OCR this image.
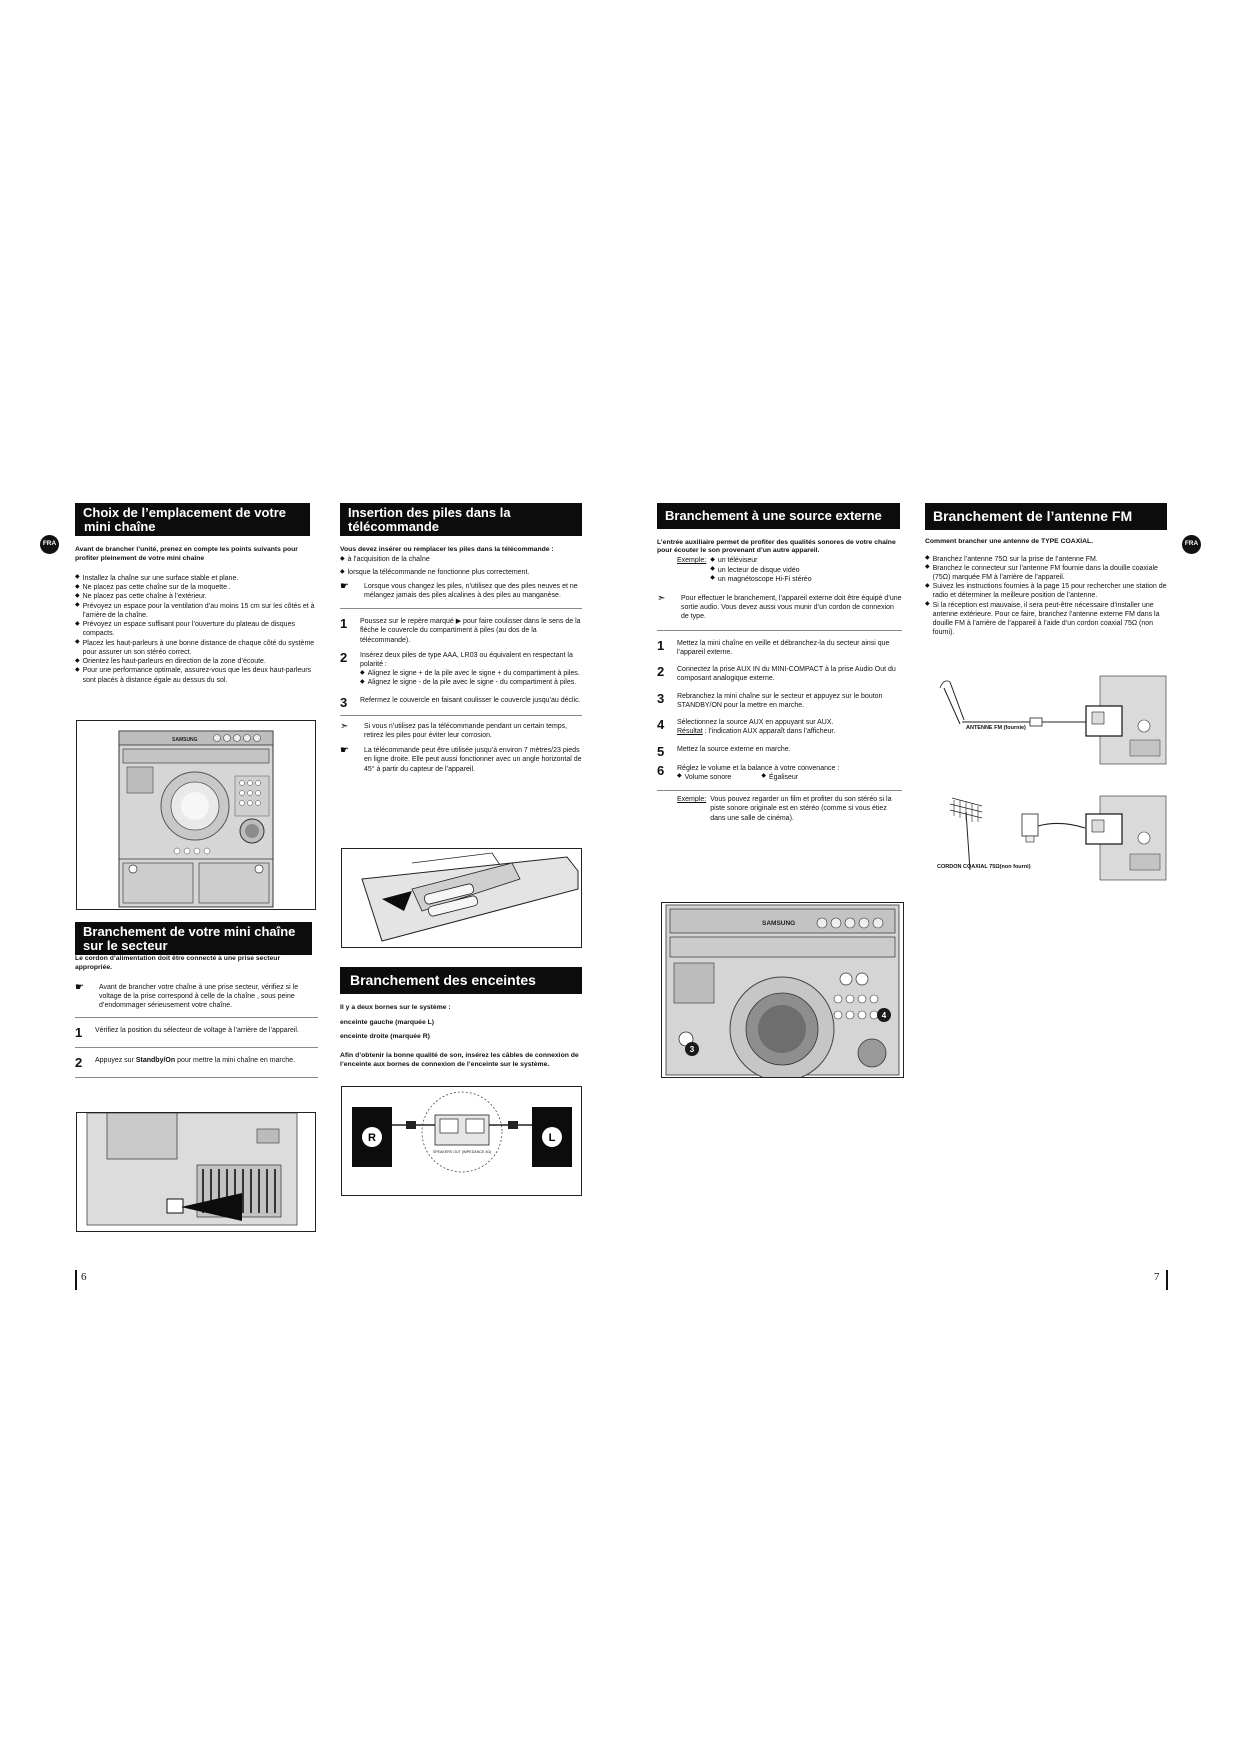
FRA	FRA
Choix de l’emplacement de votre
mini chaîne
Avant de brancher l’unité, prenez en compte les points suivants pour profiter pleinement de votre mini chaîne
◆ Installez la chaîne sur une surface stable et plane.
◆ Ne placez pas cette chaîne sur de la moquette .
◆ Ne placez pas cette chaîne à l’extérieur.
◆ Prévoyez un espace pour la ventilation d’au moins 15 cm sur les côtés et à l’arrière de la chaîne.
◆ Prévoyez un espace suffisant pour l’ouverture du plateau de disques compacts.
◆ Placez les haut-parleurs à une bonne distance de chaque côté du système pour assurer un son stéréo correct.
◆ Orientez les haut-parleurs en direction de la zone d’écoute.
◆ Pour une performance optimale, assurez-vous que les deux haut-parleurs sont placés à distance égale au dessus du sol.
SAMSUNG
Branchement de votre mini chaîne
sur le secteur
Le cordon d’alimentation doit être connecté à une prise secteur appropriée.
☛	Avant de brancher votre chaîne à une prise secteur, vérifiez si le voltage de la prise correspond à celle de la chaîne , sous peine d’endommager sérieusement votre chaîne.
1	Vérifiez la position du sélecteur de voltage à l’arrière de l’appareil.
2	Appuyez sur Standby/On pour mettre la mini chaîne en marche.
Insertion des piles dans la
télécommande
Vous devez insérer ou remplacer les piles dans la télécommande :
◆ à l’acquisition de la chaîne
◆ lorsque la télécommande ne fonctionne plus correctement.
☛	Lorsque vous changez les piles, n’utilisez que des piles neuves et ne mélangez jamais des piles alcalines à des piles au manganèse.
1	Poussez sur le repère marqué ▶ pour faire coulisser dans le sens de la flèche le couvercle du compartiment à piles (au dos de la télécommande).
2	Insérez deux piles de type AAA, LR03 ou équivalent en respectant la polarité :
◆ Alignez le signe + de la pile avec le signe + du compartiment à piles.
◆ Alignez le signe - de la pile avec le signe - du compartiment à piles.
3	Refermez le couvercle en faisant coulisser le couvercle jusqu’au déclic.
➣	Si vous n’utilisez pas la télécommande pendant un certain temps, retirez les piles pour éviter leur corrosion.
☛	La télécommande peut être utilisée jusqu’à environ 7 mètres/23 pieds en ligne droite. Elle peut aussi fonctionner avec un angle horizontal de 45° à partir du capteur de l’appareil.
Branchement des enceintes
Il y a deux bornes sur le système :
enceinte gauche (marquée L)
enceinte droite (marquée R)
Afin d’obtenir la bonne qualité de son, insérez les câbles de connexion de l’enceinte aux bornes de connexion de l’enceinte sur le système.
R	L
SPEAKERS OUT (IMPEDANCE 4Ω)
Branchement à une source externe
L’entrée auxiliaire permet de profiter des qualités sonores de votre chaîne pour écouter le son provenant d’un autre appareil.
Exemple: ◆ un téléviseur
◆ un lecteur de disque vidéo
◆ un magnétoscope Hi-Fi stéréo
➣	Pour effectuer le branchement, l’appareil externe doit être équipé d’une sortie audio. Vous devez aussi vous munir d’un cordon de connexion de type.
1	Mettez la mini chaîne en veille et débranchez-la du secteur ainsi que l’appareil externe.
2	Connectez la prise AUX IN du MINI-COMPACT à la prise Audio Out du composant analogique externe.
3	Rebranchez la mini chaîne sur le secteur et appuyez sur le bouton STANDBY/ON pour la mettre en marche.
4	Sélectionnez la source AUX en appuyant sur AUX.
Résultat : l’indication AUX apparaît dans l’afficheur.
5	Mettez la source externe en marche.
6	Réglez le volume et la balance à votre convenance :
◆ Volume sonore	◆ Égaliseur
Exemple: Vous pouvez regarder un film et profiter du son stéréo si la piste sonore originale est en stéréo (comme si vous étiez dans une salle de cinéma).
SAMSUNG
4
3
Branchement de l’antenne FM
Comment brancher une antenne de TYPE COAXIAL.
◆ Branchez l’antenne 75Ω sur la prise de l’antenne FM.
◆ Branchez le connecteur sur l’antenne FM fournie dans la douille coaxiale (75Ω) marquée FM à l’arrière de l’appareil.
◆ Suivez les instructions fournies à la page 15 pour rechercher une station de radio et déterminer la meilleure position de l’antenne.
◆ Si la réception est mauvaise, il sera peut-être nécessaire d’installer une antenne extérieure. Pour ce faire, branchez l’antenne externe FM dans la douille FM à l’arrière de l’appareil à l’aide d’un cordon coaxial 75Ω (non fourni).
ANTENNE FM (fournie)
CORDON COAXIAL 75Ω(non fourni)
6	7
